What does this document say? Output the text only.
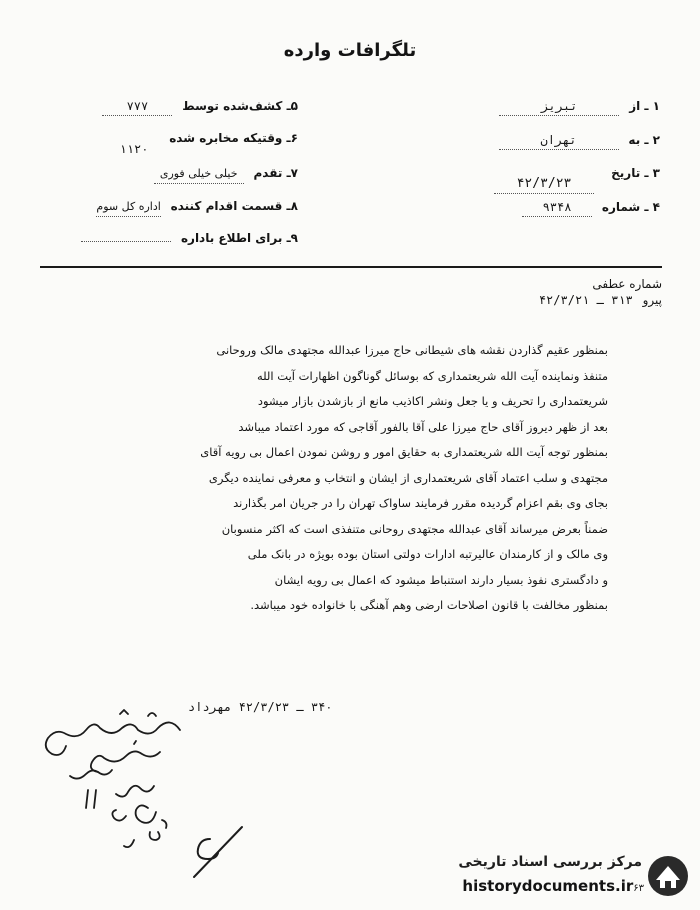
تلگرافات وارده
۱ ـ از تبریز
۲ ـ به تهران
۳ ـ تاریخ
۴۲/۳/۲۳
۴ ـ شماره ۹۳۴۸
۵ـ کشف‌شده توسط ۷۷۷
۶ـ وقتیکه مخابره شده
۱۱۲۰
۷ـ تقدم خیلی خیلی فوری
۸ـ قسمت اقدام کننده اداره کل سوم
۹ـ برای اطلاع باداره
شماره عطفی
پیرو ۳۱۳ ـ ۴۲/۳/۲۱

بمنظور عقیم گذاردن نقشه های شیطانی حاج میرزا عبدالله مجتهدی مالک وروحانی

متنفذ ونماینده آیت الله شریعتمداری که بوسائل گوناگون اظهارات آیت الله

شریعتمداری را تحریف و یا جعل ونشر اکاذیب مانع از بازشدن بازار میشود

بعد از ظهر دیروز آقای حاج میرزا علی آقا بالفور آقاجی که مورد اعتماد میباشد

بمنظور توجه آیت الله شریعتمداری به حقایق امور و روشن نمودن اعمال بی رویه آقای

مجتهدی و سلب اعتماد آقای شریعتمداری از ایشان و انتخاب و معرفی نماینده دیگری

بجای وی بقم اعزام گردیده مقرر فرمایند ساواک تهران را در جریان امر بگذارند

ضمناً بعرض میرساند آقای عبدالله مجتهدی روحانی متنفذی است که اکثر منسوبان

وی مالک و از کارمندان عالیرتبه ادارات دولتی استان بوده بویژه در بانک ملی

و دادگستری نفوذ بسیار دارند استنباط میشود که اعمال بی رویه ایشان

بمنظور مخالفت با قانون اصلاحات ارضی وهم آهنگی با خانواده خود میباشد.

۳۴۰ ـ ۴۲/۳/۲۳ مهرداد
مرکز بررسی اسناد تاریخی
historydocuments.ir۶۳
